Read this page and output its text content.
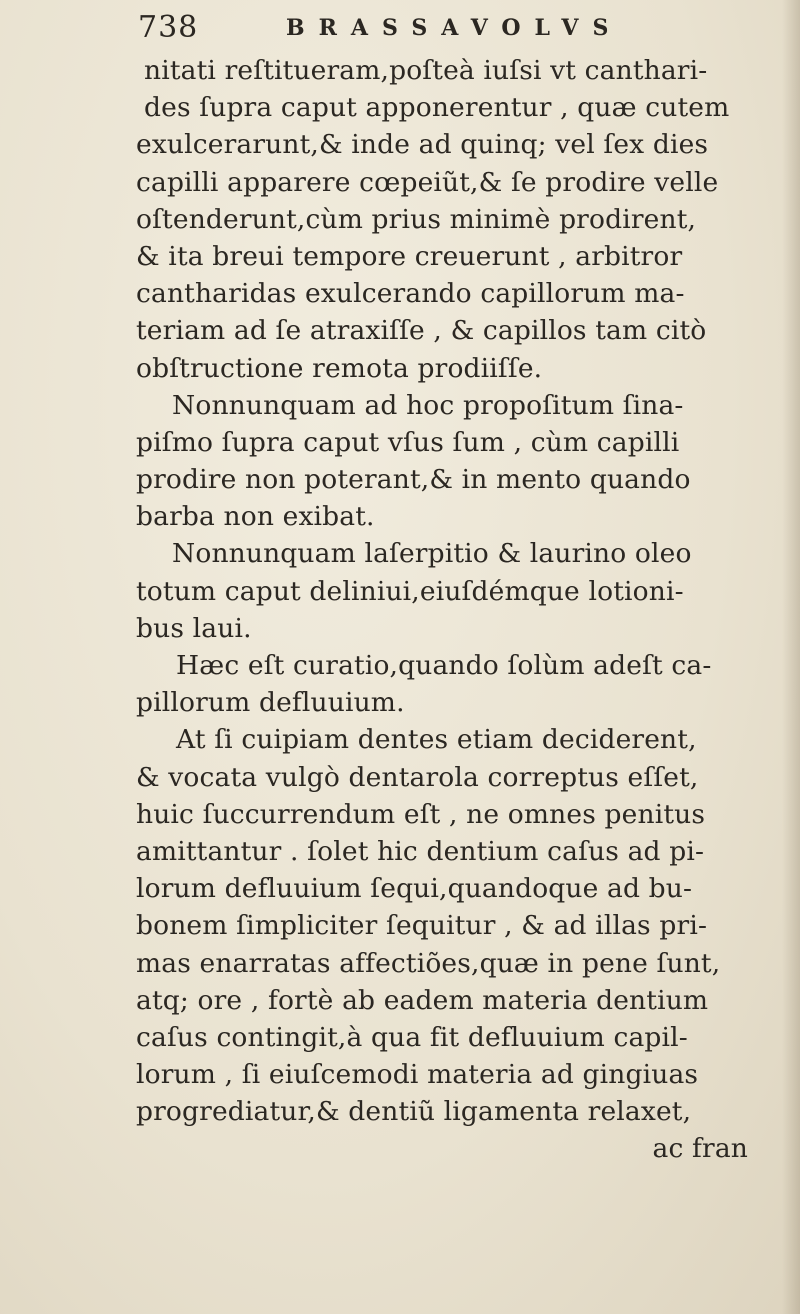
738	BRASSAVOLVS
nitati reſtitueram,poſteà iuſsi vt canthari-
des ſupra caput apponerentur , quæ cutem
exulcerarunt,& inde ad quinq; vel ſex dies
capilli apparere cœpeiũt,& ſe prodire velle
oſtenderunt,cùm prius minimè prodirent,
& ita breui tempore creuerunt , arbitror
cantharidas exulcerando capillorum ma-
teriam ad ſe atraxiſſe , & capillos tam citò
obſtructione remota prodiiſſe.
Nonnunquam ad hoc propoſitum ſina-
piſmo ſupra caput vſus ſum , cùm capilli
prodire non poterant,& in mento quando
barba non exibat.
Nonnunquam laſerpitio & laurino oleo
totum caput deliniui,eiuſdémque lotioni-
bus laui.
Hæc eſt curatio,quando ſolùm adeſt ca-
pillorum defluuium.
At ſi cuipiam dentes etiam deciderent,
& vocata vulgò dentarola correptus eſſet,
huic ſuccurrendum eſt , ne omnes penitus
amittantur . ſolet hic dentium caſus ad pi-
lorum defluuium ſequi,quandoque ad bu-
bonem ſimpliciter ſequitur , & ad illas pri-
mas enarratas affectiões,quæ in pene ſunt,
atq; ore , fortè ab eadem materia dentium
caſus contingit,à qua fit defluuium capil-
lorum , ſi eiuſcemodi materia ad gingiuas
progrediatur,& dentiũ ligamenta relaxet,
ac fran
